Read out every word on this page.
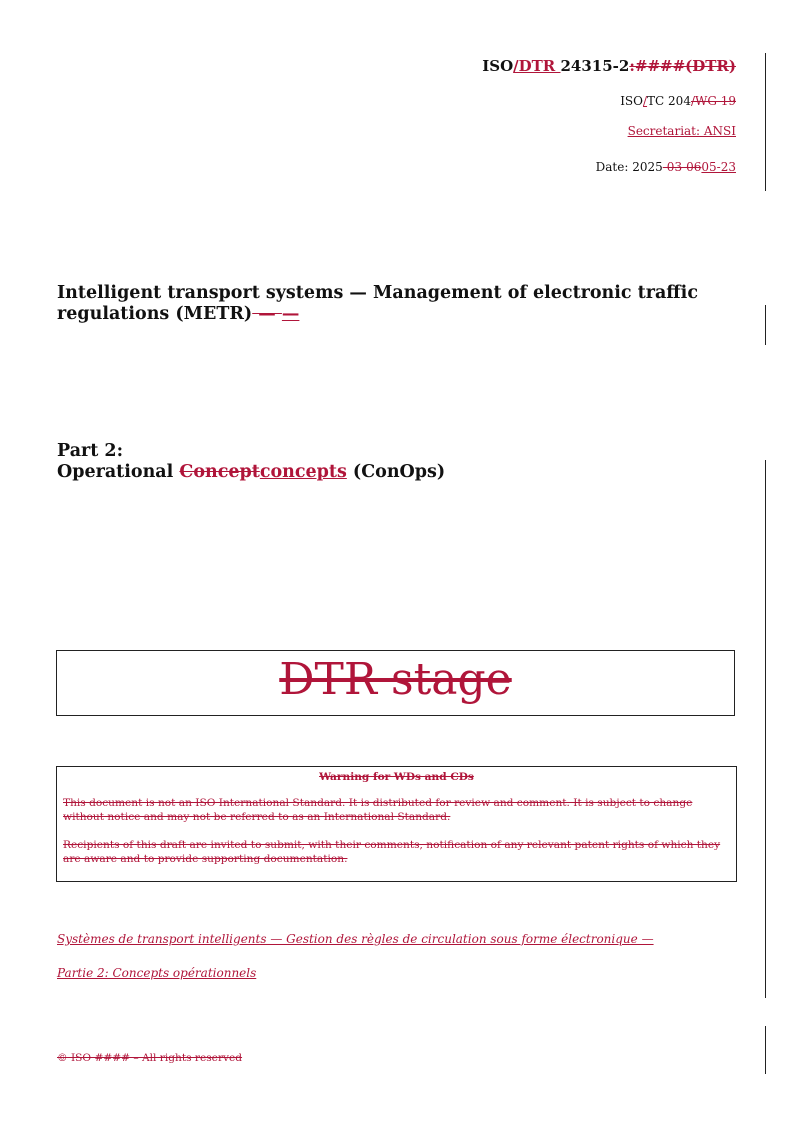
ISO/DTR 24315-2:####(DTR)
ISO/TC 204/WG 19
Secretariat: ANSI
Date: 2025-03-0605-23
Intelligent transport systems — Management of electronic traffic regulations (METR) — —
Part 2:
Operational Conceptconcepts (ConOps)
DTR stage

Warning for WDs and CDs

This document is not an ISO International Standard. It is distributed for review and comment. It is subject to change without notice and may not be referred to as an International Standard.

Recipients of this draft are invited to submit, with their comments, notification of any relevant patent rights of which they are aware and to provide supporting documentation.

Systèmes de transport intelligents — Gestion des règles de circulation sous forme électronique —
Partie 2: Concepts opérationnels
© ISO #### – All rights reserved
